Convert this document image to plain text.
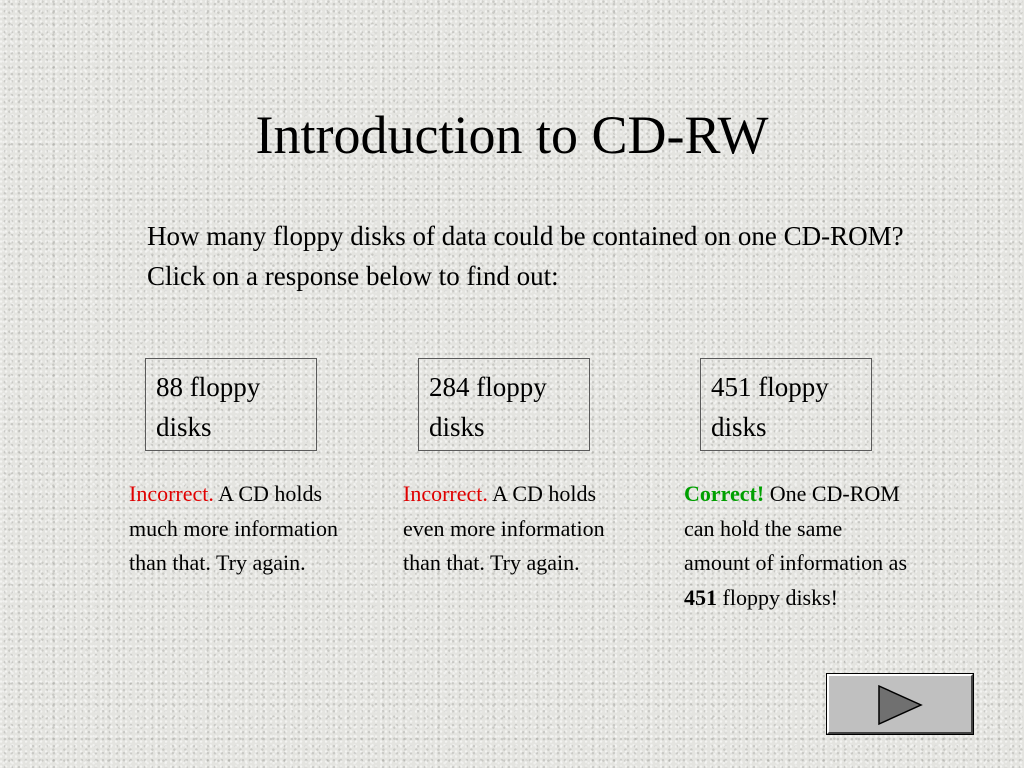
Introduction to CD-RW
How many floppy disks of data could be contained on one CD-ROM? Click on a response below to find out:
88 floppy disks
284 floppy disks
451 floppy disks
Incorrect. A CD holds much more information than that. Try again.
Incorrect. A CD holds even more information than that. Try again.
Correct! One CD-ROM can hold the same amount of information as 451 floppy disks!
